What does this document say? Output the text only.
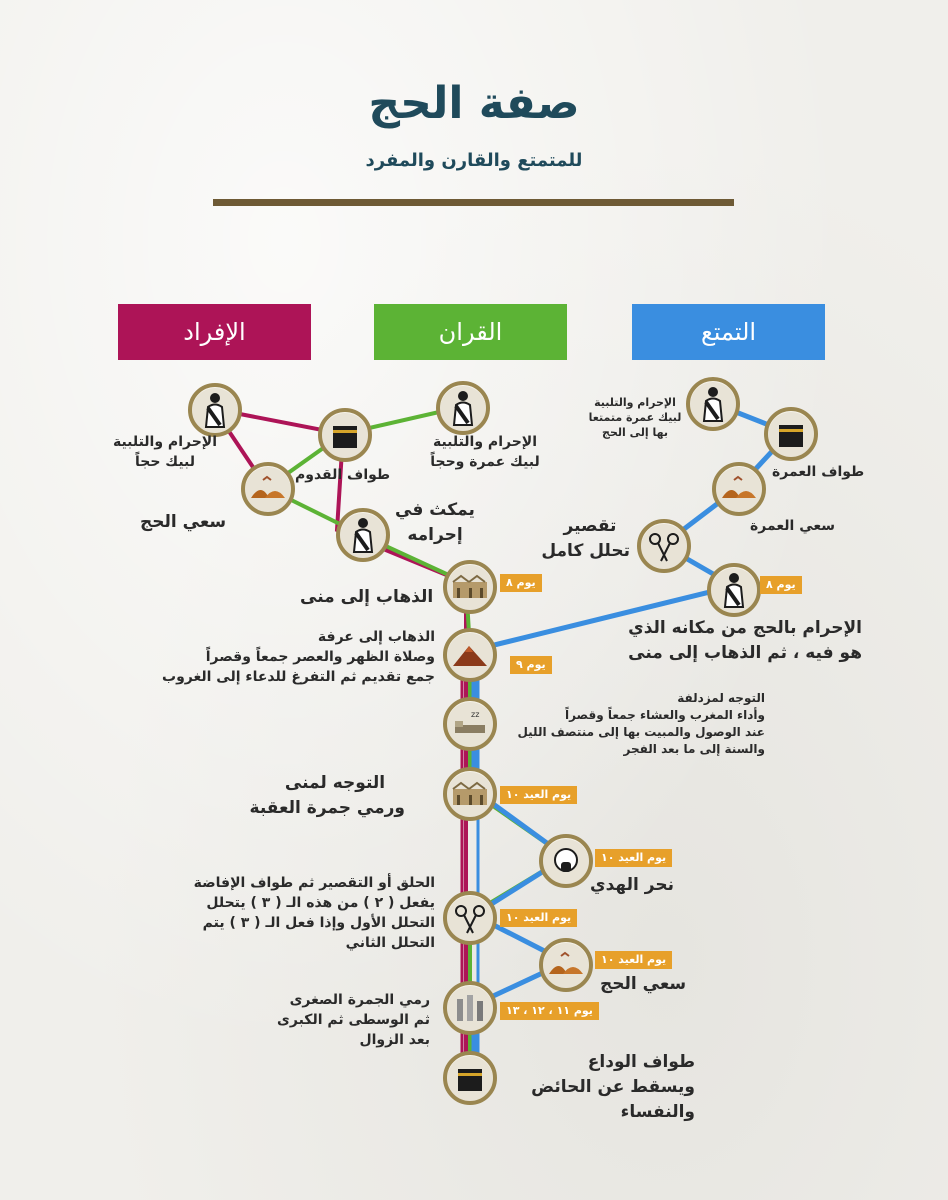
صفة الحج
للمتمتع والقارن والمفرد
الإفراد	القران	التمتع
الإحرام والتلبية
لبيك حجاً
طواف القدوم
الإحرام والتلبية
لبيك عمرة وحجاً
سعي الحج
يمكث في
إحرامه
الإحرام والتلبية
لبيك عمرة متمتعا
بها إلى الحج
طواف العمرة
سعي العمرة
تقصير
تحلل كامل
يوم ٨
الذهاب إلى منى
يوم ٨
الإحرام بالحج من مكانه الذي
هو فيه ، ثم الذهاب إلى منى
يوم ٩
الذهاب إلى عرفة
وصلاة الظهر والعصر جمعاً وقصراً
جمع تقديم ثم التفرغ للدعاء إلى الغروب
zz
التوجه لمزدلفة
وأداء المغرب والعشاء جمعاً وقصراً
عند الوصول والمبيت بها إلى منتصف الليل
والسنة إلى ما بعد الفجر
يوم العيد ١٠
التوجه لمنى
ورمي جمرة العقبة
يوم العيد ١٠
نحر الهدي
يوم العيد ١٠
الحلق أو التقصير ثم طواف الإفاضة
يفعل ( ٢ ) من هذه الـ ( ٣ ) يتحلل
التحلل الأول وإذا فعل الـ ( ٣ ) يتم
التحلل الثاني
يوم العيد ١٠
سعي الحج
يوم ١١ ، ١٢ ، ١٣
رمي الجمرة الصغرى
ثم الوسطى ثم الكبرى
بعد الزوال
طواف الوداع
ويسقط عن الحائض
والنفساء
